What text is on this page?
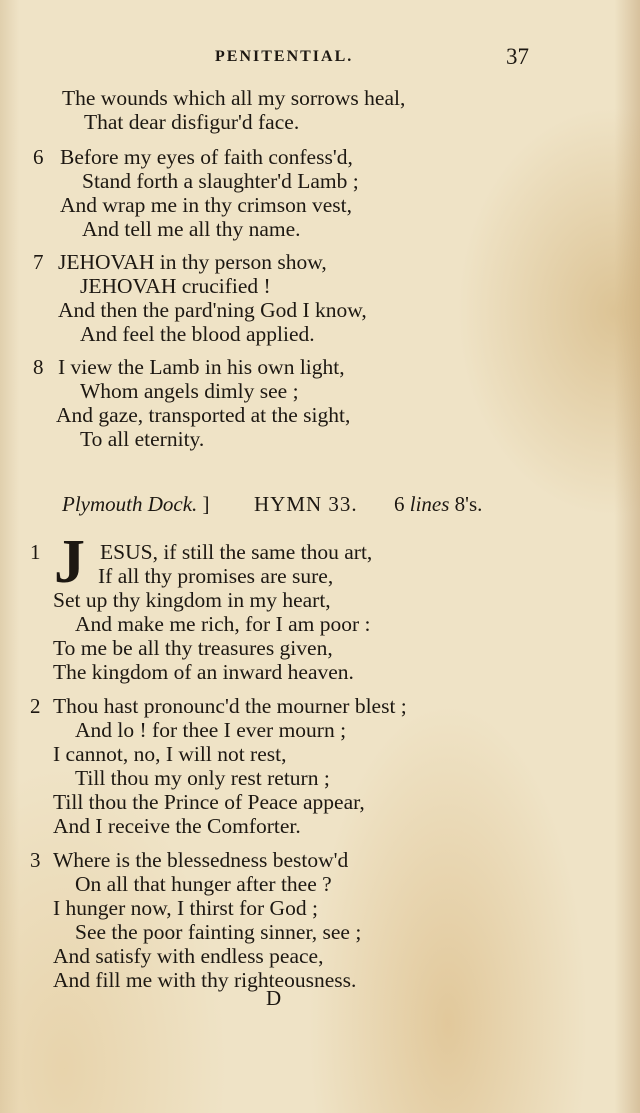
PENITENTIAL.	37
The wounds which all my sorrows heal,
That dear disfigur'd face.
6 Before my eyes of faith confess'd,
Stand forth a slaughter'd Lamb ;
And wrap me in thy crimson vest,
And tell me all thy name.
7 JEHOVAH in thy person show,
JEHOVAH crucified !
And then the pard'ning God I know,
And feel the blood applied.
8 I view the Lamb in his own light,
Whom angels dimly see ;
And gaze, transported at the sight,
To all eternity.
Plymouth Dock. ] HYMN 33. 6 lines 8's.
1 J ESUS, if still the same thou art,
If all thy promises are sure,
Set up thy kingdom in my heart,
And make me rich, for I am poor :
To me be all thy treasures given,
The kingdom of an inward heaven.
2 Thou hast pronounc'd the mourner blest ;
And lo ! for thee I ever mourn ;
I cannot, no, I will not rest,
Till thou my only rest return ;
Till thou the Prince of Peace appear,
And I receive the Comforter.
3 Where is the blessedness bestow'd
On all that hunger after thee ?
I hunger now, I thirst for God ;
See the poor fainting sinner, see ;
And satisfy with endless peace,
And fill me with thy righteousness.
D
